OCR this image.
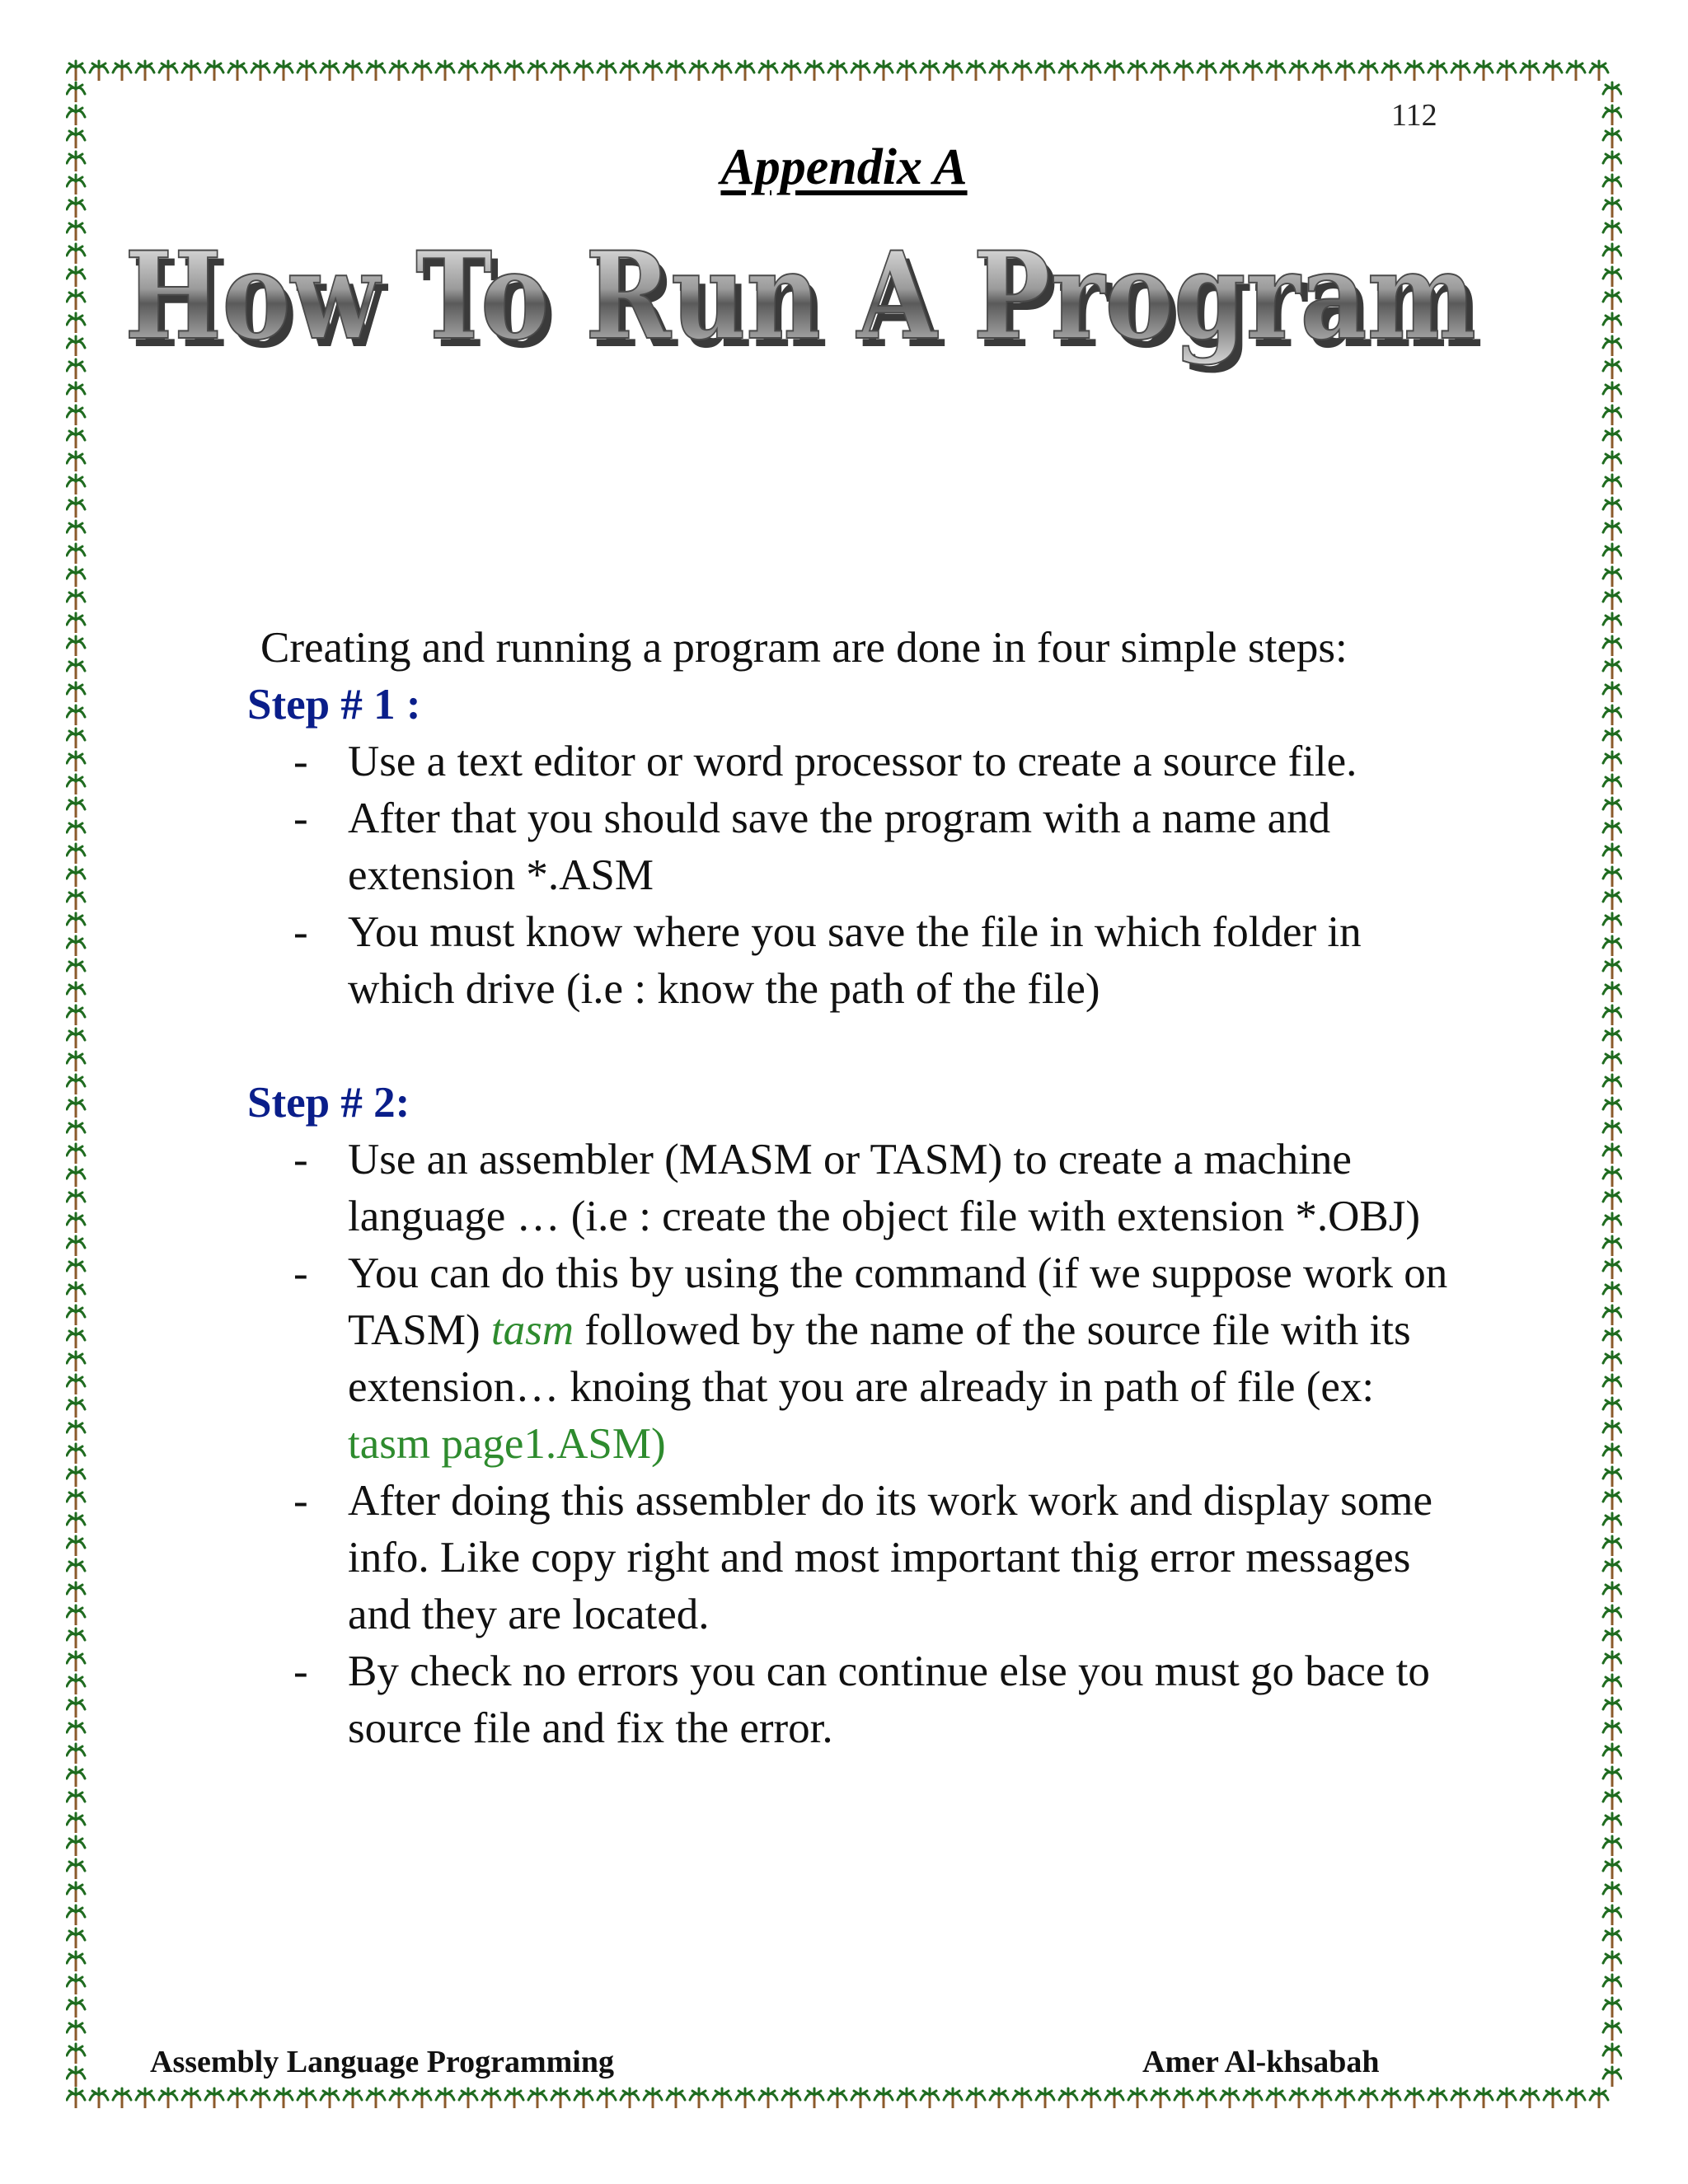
112
Appendix A
How To Run A Program
How To Run A Program

Creating and running a program are done in four simple steps:

Step # 1 :

- Use a text editor or word processor to create a source file.
- After that you should save the program with a name and extension *.ASM
- You must know where you save the file in which folder in which drive (i.e : know the path of the file)

Step # 2:

- Use an assembler (MASM or TASM) to create a machine language … (i.e : create the object file with extension *.OBJ)
- You can do this by using the command (if we suppose work on TASM) tasm followed by the name of the source file with its extension… knoing that you are already in path of file (ex: tasm page1.ASM)
- After doing this assembler do its work work and display some info. Like copy right and most important thig error messages and they are located.
- By check no errors you can continue else you must go bace to source file and fix the error.
Assembly Language Programming	Amer Al-khsabah
